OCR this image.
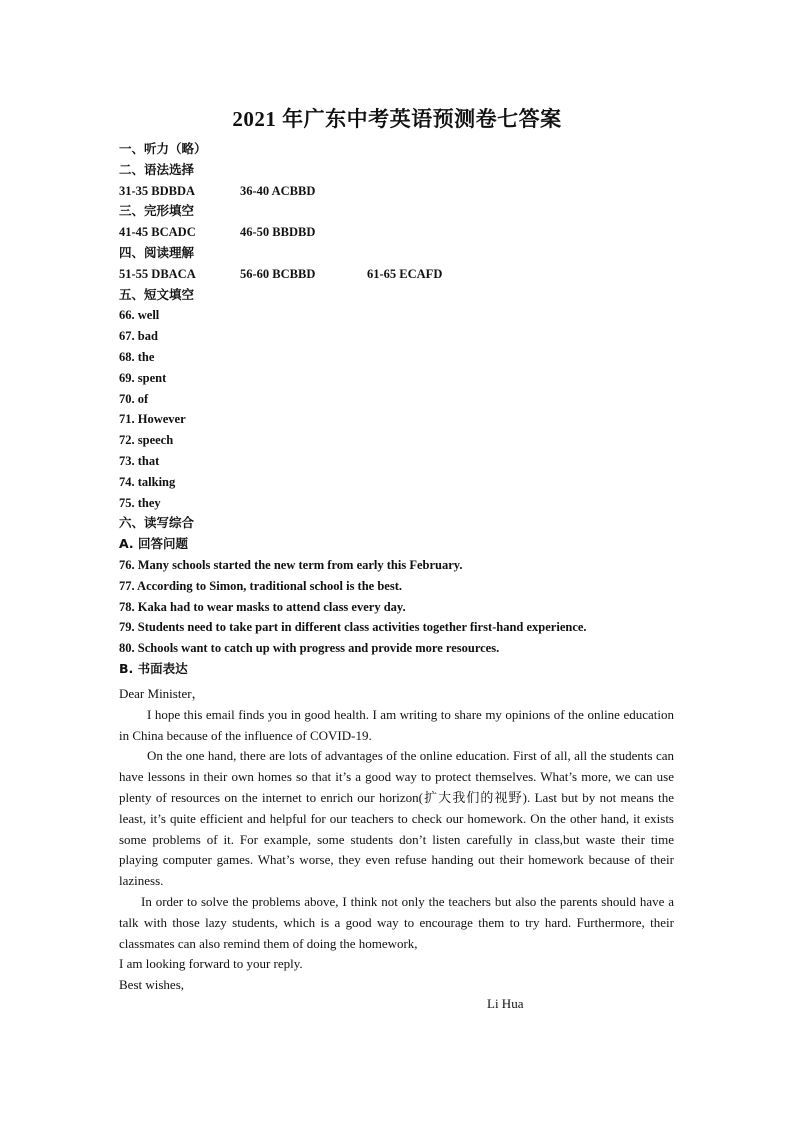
2021 年广东中考英语预测卷七答案
一、听力（略）
二、语法选择
31-35 BDBDA	36-40 ACBBD
三、完形填空
41-45 BCADC	46-50 BBDBD
四、阅读理解
51-55 DBACA	56-60 BCBBD	61-65 ECAFD
五、短文填空
66. well
67. bad
68. the
69. spent
70. of
71. However
72. speech
73. that
74. talking
75. they
六、读写综合
A. 回答问题
76. Many schools started the new term from early this February.
77. According to Simon, traditional school is the best.
78. Kaka had to wear masks to attend class every day.
79. Students need to take part in different class activities together first-hand experience.
80. Schools want to catch up with progress and provide more resources.
B. 书面表达

Dear Minister，

I hope this email finds you in good health. I am writing to share my opinions of the online education in China because of the influence of COVID-19.

On the one hand, there are lots of advantages of the online education. First of all, all the students can have lessons in their own homes so that it’s a good way to protect themselves. What’s more, we can use plenty of resources on the internet to enrich our horizon(扩大我们的视野). Last but by not means the least, it’s quite efficient and helpful for our teachers to check our homework. On the other hand, it exists some problems of it. For example, some students don’t listen carefully in class,but waste their time playing computer games. What’s worse, they even refuse handing out their homework because of their laziness.

In order to solve the problems above, I think not only the teachers but also the parents should have a talk with those lazy students, which is a good way to encourage them to try hard. Furthermore, their classmates can also remind them of doing the homework,

I am looking forward to your reply.

Best wishes,

Li Hua
